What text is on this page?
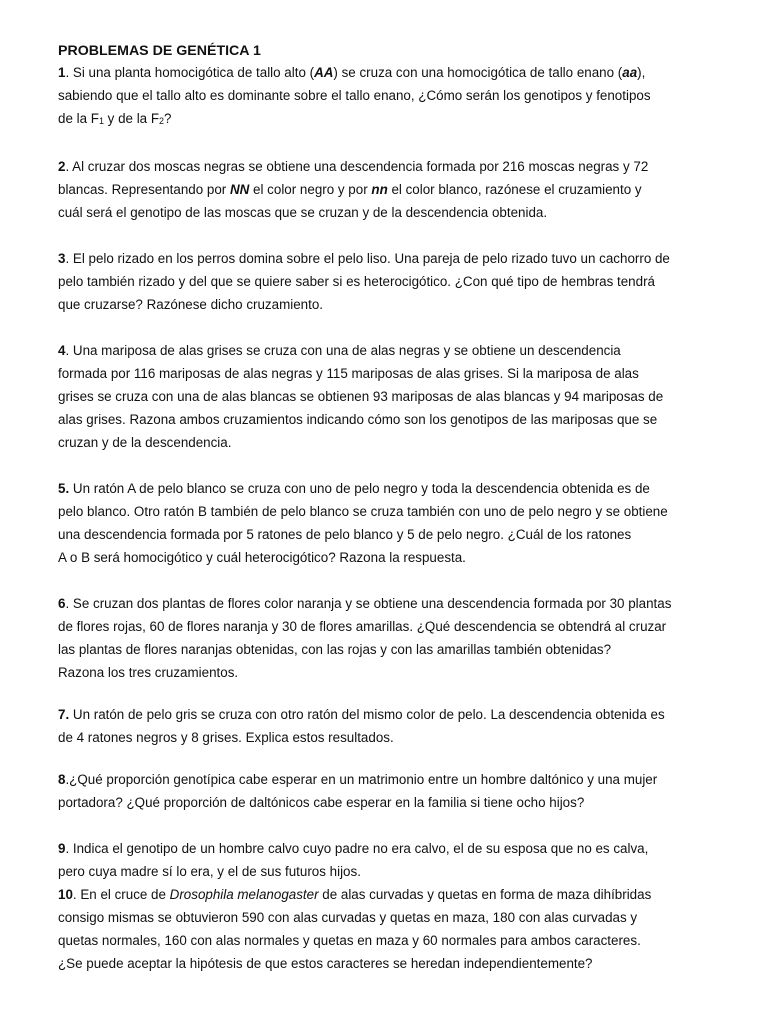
PROBLEMAS DE GENÉTICA 1

1. Si una planta homocigótica de tallo alto (AA) se cruza con una homocigótica de tallo enano (aa),

sabiendo que el tallo alto es dominante sobre el tallo enano, ¿Cómo serán los genotipos y fenotipos

de la $F_1$ y de la $F_2$?

2. Al cruzar dos moscas negras se obtiene una descendencia formada por 216 moscas negras y 72

blancas. Representando por NN el color negro y por nn el color blanco, razónese el cruzamiento y

cuál será el genotipo de las moscas que se cruzan y de la descendencia obtenida.

3. El pelo rizado en los perros domina sobre el pelo liso. Una pareja de pelo rizado tuvo un cachorro de

pelo también rizado y del que se quiere saber si es heterocigótico. ¿Con qué tipo de hembras tendrá

que cruzarse? Razónese dicho cruzamiento.

4. Una mariposa de alas grises se cruza con una de alas negras y se obtiene un descendencia

formada por 116 mariposas de alas negras y 115 mariposas de alas grises. Si la mariposa de alas

grises se cruza con una de alas blancas se obtienen 93 mariposas de alas blancas y 94 mariposas de

alas grises. Razona ambos cruzamientos indicando cómo son los genotipos de las mariposas que se

cruzan y de la descendencia.

5. Un ratón A de pelo blanco se cruza con uno de pelo negro y toda la descendencia obtenida es de

pelo blanco. Otro ratón B también de pelo blanco se cruza también con uno de pelo negro y se obtiene

una descendencia formada por 5 ratones de pelo blanco y 5 de pelo negro. ¿Cuál de los ratones

A o B será homocigótico y cuál heterocigótico? Razona la respuesta.

6. Se cruzan dos plantas de flores color naranja y se obtiene una descendencia formada por 30 plantas

de flores rojas, 60 de flores naranja y 30 de flores amarillas. ¿Qué descendencia se obtendrá al cruzar

las plantas de flores naranjas obtenidas, con las rojas y con las amarillas también obtenidas?

Razona los tres cruzamientos.

7. Un ratón de pelo gris se cruza con otro ratón del mismo color de pelo. La descendencia obtenida es

de 4 ratones negros y 8 grises. Explica estos resultados.

8.¿Qué proporción genotípica cabe esperar en un matrimonio entre un hombre daltónico y una mujer

portadora? ¿Qué proporción de daltónicos cabe esperar en la familia si tiene ocho hijos?

9. Indica el genotipo de un hombre calvo cuyo padre no era calvo, el de su esposa que no es calva,

pero cuya madre sí lo era, y el de sus futuros hijos.

10. En el cruce de Drosophila melanogaster de alas curvadas y quetas en forma de maza dihíbridas

consigo mismas se obtuvieron 590 con alas curvadas y quetas en maza, 180 con alas curvadas y

quetas normales, 160 con alas normales y quetas en maza y 60 normales para ambos caracteres.

¿Se puede aceptar la hipótesis de que estos caracteres se heredan independientemente?
